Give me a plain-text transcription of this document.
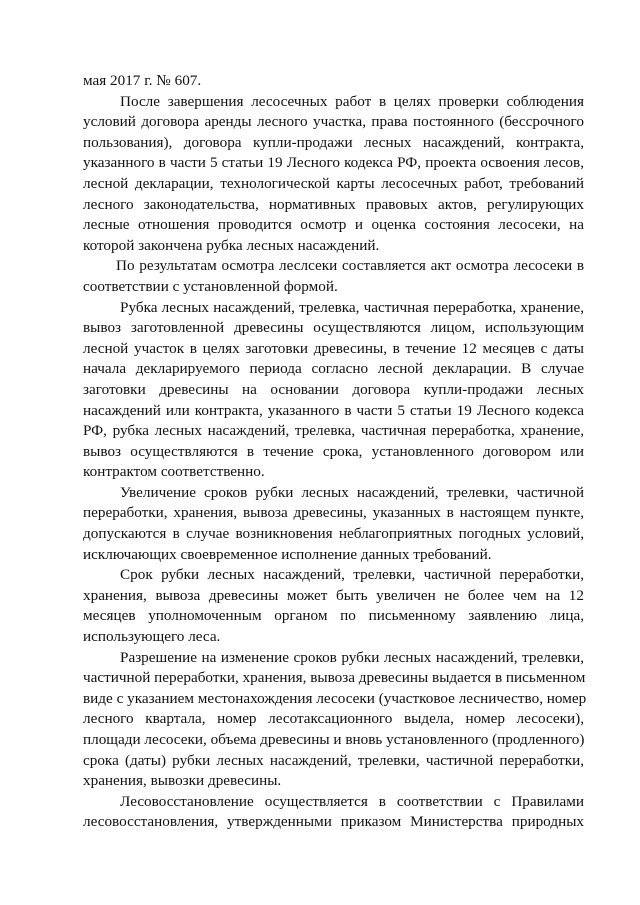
мая 2017 г. № 607.
После завершения лесосечных работ в целях проверки соблюдения
условий договора аренды лесного участка, права постоянного (бессрочного
пользования), договора купли-продажи лесных насаждений, контракта,
указанного в части 5 статьи 19 Лесного кодекса РФ, проекта освоения лесов,
лесной декларации, технологической карты лесосечных работ, требований
лесного законодательства, нормативных правовых актов, регулирующих
лесные отношения проводится осмотр и оценка состояния лесосеки, на
которой закончена рубка лесных насаждений.
По результатам осмотра леслсеки составляется акт осмотра лесосеки в
соответствии с установленной формой.
Рубка лесных насаждений, трелевка, частичная переработка, хранение,
вывоз заготовленной древесины осуществляются лицом, использующим
лесной участок в целях заготовки древесины, в течение 12 месяцев с даты
начала декларируемого периода согласно лесной декларации. В случае
заготовки древесины на основании договора купли-продажи лесных
насаждений или контракта, указанного в части 5 статьи 19 Лесного кодекса
РФ, рубка лесных насаждений, трелевка, частичная переработка, хранение,
вывоз осуществляются в течение срока, установленного договором или
контрактом соответственно.
Увеличение сроков рубки лесных насаждений, трелевки, частичной
переработки, хранения, вывоза древесины, указанных в настоящем пункте,
допускаются в случае возникновения неблагоприятных погодных условий,
исключающих своевременное исполнение данных требований.
Срок рубки лесных насаждений, трелевки, частичной переработки,
хранения, вывоза древесины может быть увеличен не более чем на 12
месяцев уполномоченным органом по письменному заявлению лица,
использующего леса.
Разрешение на изменение сроков рубки лесных насаждений, трелевки,
частичной переработки, хранения, вывоза древесины выдается в письменном
виде с указанием местонахождения лесосеки (участковое лесничество, номер
лесного квартала, номер лесотаксационного выдела, номер лесосеки),
площади лесосеки, объема древесины и вновь установленного (продленного)
срока (даты) рубки лесных насаждений, трелевки, частичной переработки,
хранения, вывозки древесины.
Лесовосстановление осуществляется в соответствии с Правилами
лесовосстановления, утвержденными приказом Министерства природных
